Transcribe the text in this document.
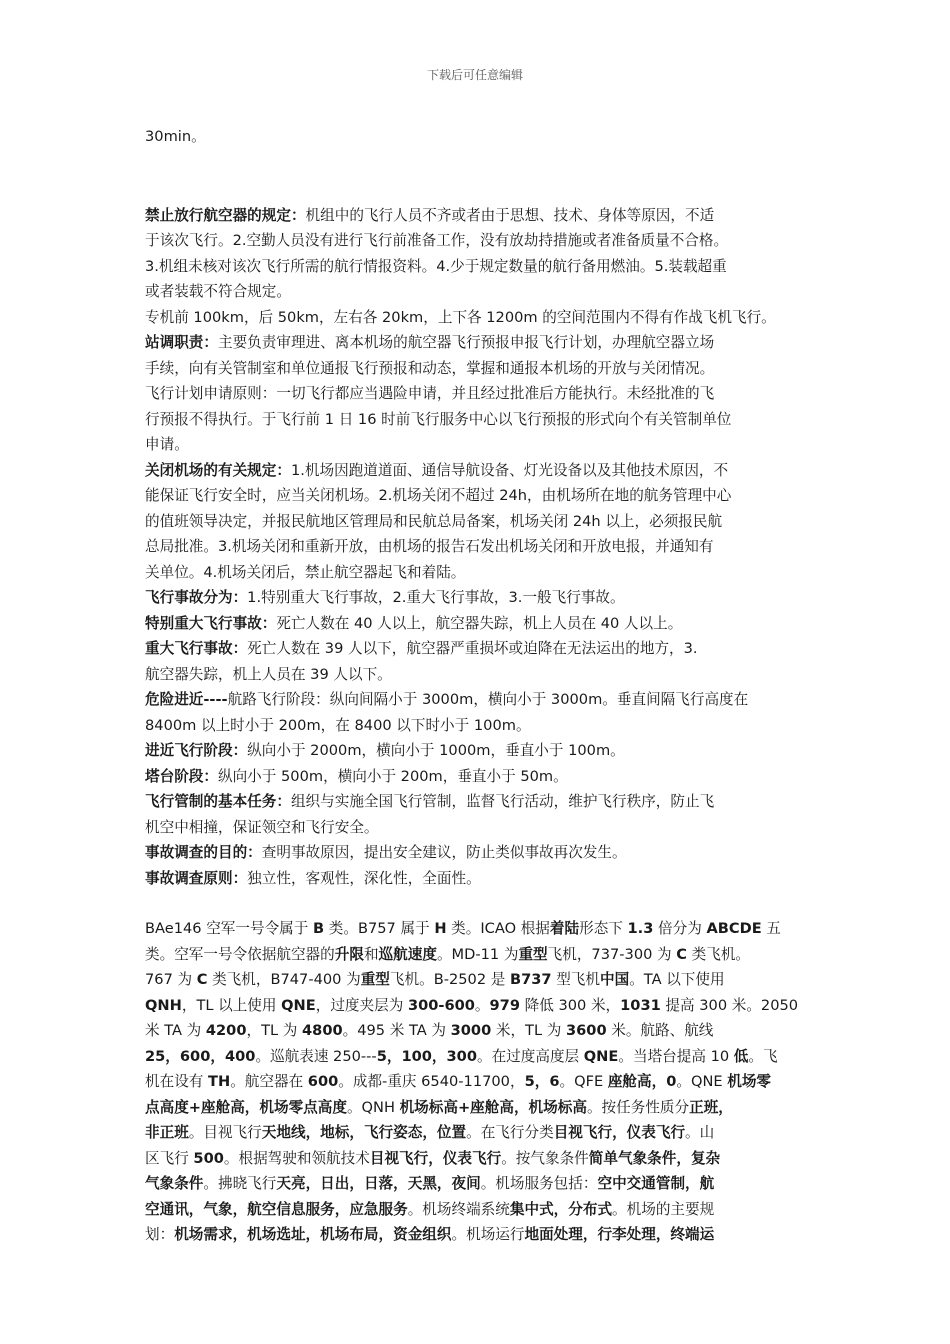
下载后可任意编辑
30min。
禁止放行航空器的规定：机组中的飞行人员不齐或者由于思想、技术、身体等原因，不适
于该次飞行。2.空勤人员没有进行飞行前准备工作，没有放劫持措施或者准备质量不合格。
3.机组未核对该次飞行所需的航行情报资料。4.少于规定数量的航行备用燃油。5.装载超重
或者装载不符合规定。
专机前 100km，后 50km，左右各 20km，上下各 1200m 的空间范围内不得有作战飞机飞行。
站调职责：主要负责审理进、离本机场的航空器飞行预报申报飞行计划，办理航空器立场
手续，向有关管制室和单位通报飞行预报和动态，掌握和通报本机场的开放与关闭情况。
飞行计划申请原则：一切飞行都应当遇险申请，并且经过批准后方能执行。未经批准的飞
行预报不得执行。于飞行前 1 日 16 时前飞行服务中心以飞行预报的形式向个有关管制单位
申请。
关闭机场的有关规定：1.机场因跑道道面、通信导航设备、灯光设备以及其他技术原因，不
能保证飞行安全时，应当关闭机场。2.机场关闭不超过 24h，由机场所在地的航务管理中心
的值班领导决定，并报民航地区管理局和民航总局备案，机场关闭 24h 以上，必须报民航
总局批准。3.机场关闭和重新开放，由机场的报告石发出机场关闭和开放电报，并通知有
关单位。4.机场关闭后，禁止航空器起飞和着陆。
飞行事故分为：1.特别重大飞行事故，2.重大飞行事故，3.一般飞行事故。
特别重大飞行事故：死亡人数在 40 人以上，航空器失踪，机上人员在 40 人以上。
重大飞行事故：死亡人数在 39 人以下，航空器严重损坏或迫降在无法运出的地方，3.
航空器失踪，机上人员在 39 人以下。
危险进近----航路飞行阶段：纵向间隔小于 3000m，横向小于 3000m。垂直间隔飞行高度在
8400m 以上时小于 200m，在 8400 以下时小于 100m。
进近飞行阶段：纵向小于 2000m，横向小于 1000m，垂直小于 100m。
塔台阶段：纵向小于 500m，横向小于 200m，垂直小于 50m。
飞行管制的基本任务：组织与实施全国飞行管制，监督飞行活动，维护飞行秩序，防止飞
机空中相撞，保证领空和飞行安全。
事故调查的目的：查明事故原因，提出安全建议，防止类似事故再次发生。
事故调查原则：独立性，客观性，深化性，全面性。
BAe146 空军一号令属于 B 类。B757 属于 H 类。ICAO 根据着陆形态下 1.3 倍分为 ABCDE 五
类。空军一号令依据航空器的升限和巡航速度。MD-11 为重型飞机，737-300 为 C 类飞机。
767 为 C 类飞机，B747-400 为重型飞机。B-2502 是 B737 型飞机中国。TA 以下使用
QNH，TL 以上使用 QNE，过度夹层为 300-600。979 降低 300 米，1031 提高 300 米。2050
米 TA 为 4200，TL 为 4800。495 米 TA 为 3000 米，TL 为 3600 米。航路、航线
25，600，400。巡航表速 250---5，100，300。在过度高度层 QNE。当塔台提高 10 低。飞
机在设有 TH。航空器在 600。成都-重庆 6540-11700，5，6。QFE 座舱高，0。QNE 机场零
点高度+座舱高，机场零点高度。QNH 机场标高+座舱高，机场标高。按任务性质分正班，
非正班。目视飞行天地线，地标，飞行姿态，位置。在飞行分类目视飞行，仪表飞行。山
区飞行 500。根据驾驶和领航技术目视飞行，仪表飞行。按气象条件简单气象条件，复杂
气象条件。拂晓飞行天亮，日出，日落，天黑，夜间。机场服务包括：空中交通管制，航
空通讯，气象，航空信息服务，应急服务。机场终端系统集中式，分布式。机场的主要规
划：机场需求，机场选址，机场布局，资金组织。机场运行地面处理，行李处理，终端运
